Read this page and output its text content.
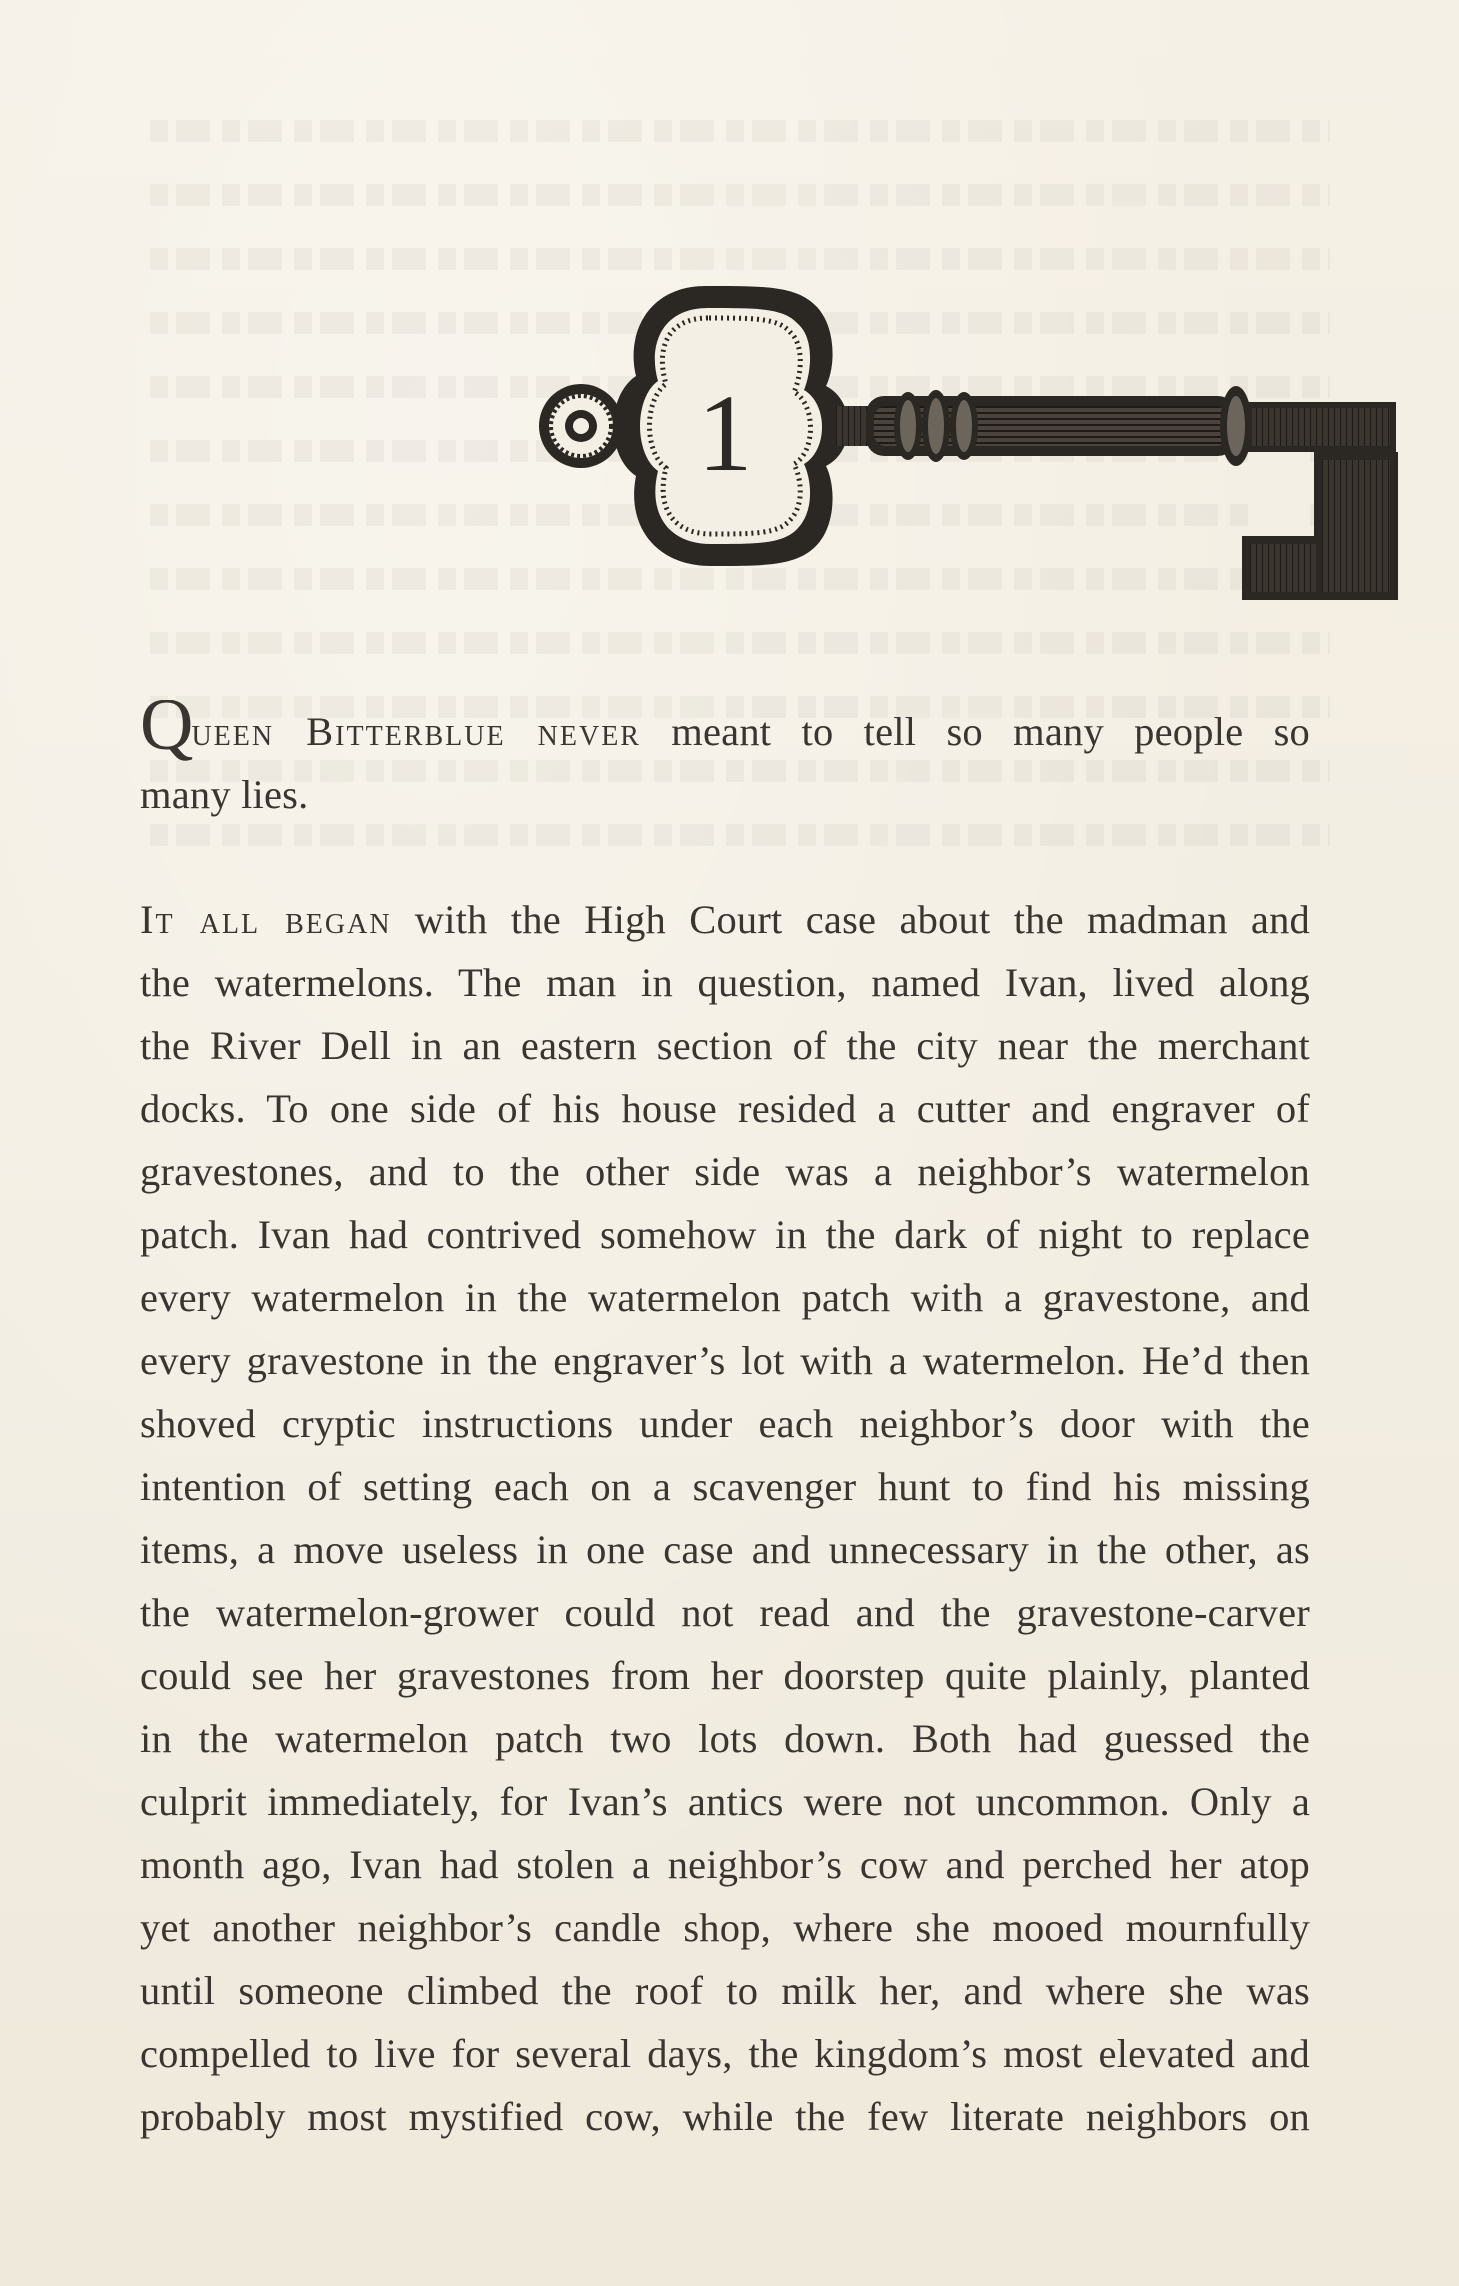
1

Queen Bitterblue never meant to tell so many people so
many lies.

It all began with the High Court case about the madman and
the watermelons. The man in question, named Ivan, lived along
the River Dell in an eastern section of the city near the merchant
docks. To one side of his house resided a cutter and engraver of
gravestones, and to the other side was a neighbor’s watermelon
patch. Ivan had contrived somehow in the dark of night to replace
every watermelon in the watermelon patch with a gravestone, and
every gravestone in the engraver’s lot with a watermelon. He’d then
shoved cryptic instructions under each neighbor’s door with the
intention of setting each on a scavenger hunt to find his missing
items, a move useless in one case and unnecessary in the other, as
the watermelon-grower could not read and the gravestone-carver
could see her gravestones from her doorstep quite plainly, planted
in the watermelon patch two lots down. Both had guessed the
culprit immediately, for Ivan’s antics were not uncommon. Only a
month ago, Ivan had stolen a neighbor’s cow and perched her atop
yet another neighbor’s candle shop, where she mooed mournfully
until someone climbed the roof to milk her, and where she was
compelled to live for several days, the kingdom’s most elevated and
probably most mystified cow, while the few literate neighbors on
